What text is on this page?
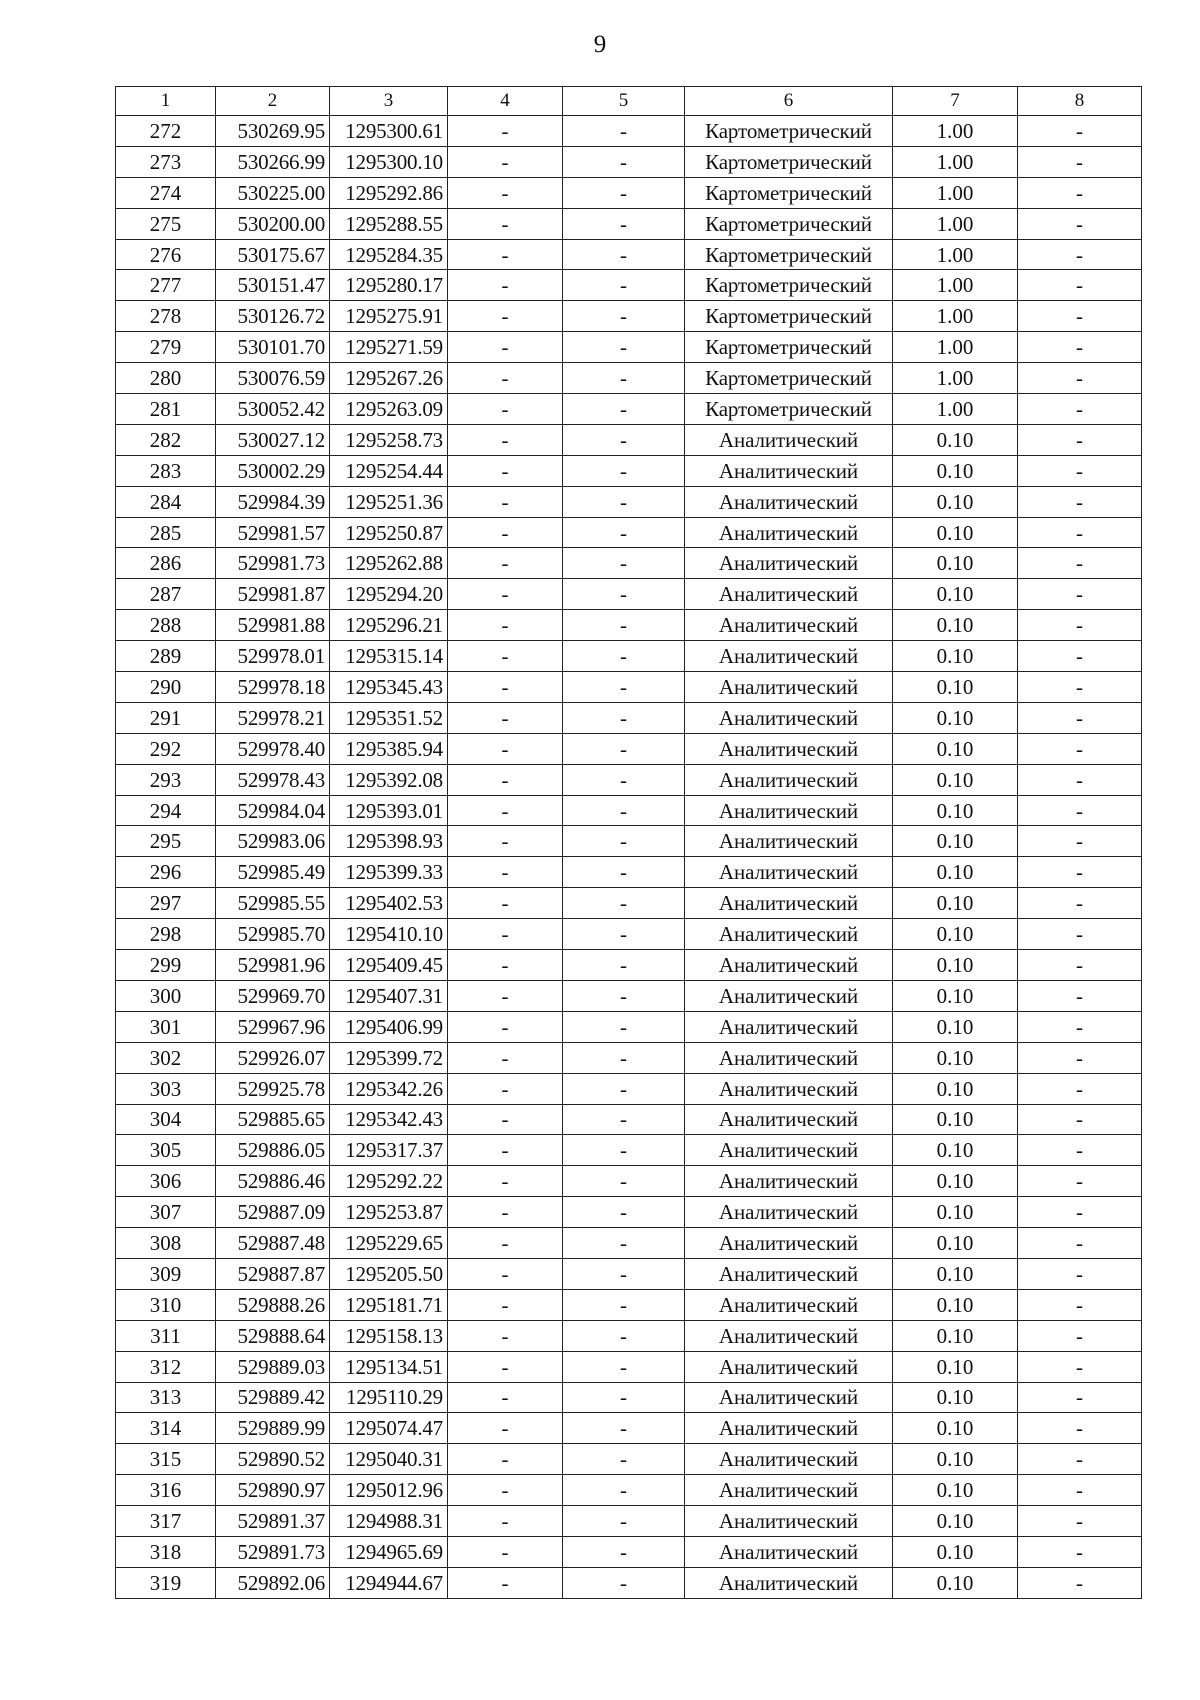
9
1	2	3	4	5	6	7	8
272	530269.95	1295300.61	-	-	Картометрический	1.00	-
273	530266.99	1295300.10	-	-	Картометрический	1.00	-
274	530225.00	1295292.86	-	-	Картометрический	1.00	-
275	530200.00	1295288.55	-	-	Картометрический	1.00	-
276	530175.67	1295284.35	-	-	Картометрический	1.00	-
277	530151.47	1295280.17	-	-	Картометрический	1.00	-
278	530126.72	1295275.91	-	-	Картометрический	1.00	-
279	530101.70	1295271.59	-	-	Картометрический	1.00	-
280	530076.59	1295267.26	-	-	Картометрический	1.00	-
281	530052.42	1295263.09	-	-	Картометрический	1.00	-
282	530027.12	1295258.73	-	-	Аналитический	0.10	-
283	530002.29	1295254.44	-	-	Аналитический	0.10	-
284	529984.39	1295251.36	-	-	Аналитический	0.10	-
285	529981.57	1295250.87	-	-	Аналитический	0.10	-
286	529981.73	1295262.88	-	-	Аналитический	0.10	-
287	529981.87	1295294.20	-	-	Аналитический	0.10	-
288	529981.88	1295296.21	-	-	Аналитический	0.10	-
289	529978.01	1295315.14	-	-	Аналитический	0.10	-
290	529978.18	1295345.43	-	-	Аналитический	0.10	-
291	529978.21	1295351.52	-	-	Аналитический	0.10	-
292	529978.40	1295385.94	-	-	Аналитический	0.10	-
293	529978.43	1295392.08	-	-	Аналитический	0.10	-
294	529984.04	1295393.01	-	-	Аналитический	0.10	-
295	529983.06	1295398.93	-	-	Аналитический	0.10	-
296	529985.49	1295399.33	-	-	Аналитический	0.10	-
297	529985.55	1295402.53	-	-	Аналитический	0.10	-
298	529985.70	1295410.10	-	-	Аналитический	0.10	-
299	529981.96	1295409.45	-	-	Аналитический	0.10	-
300	529969.70	1295407.31	-	-	Аналитический	0.10	-
301	529967.96	1295406.99	-	-	Аналитический	0.10	-
302	529926.07	1295399.72	-	-	Аналитический	0.10	-
303	529925.78	1295342.26	-	-	Аналитический	0.10	-
304	529885.65	1295342.43	-	-	Аналитический	0.10	-
305	529886.05	1295317.37	-	-	Аналитический	0.10	-
306	529886.46	1295292.22	-	-	Аналитический	0.10	-
307	529887.09	1295253.87	-	-	Аналитический	0.10	-
308	529887.48	1295229.65	-	-	Аналитический	0.10	-
309	529887.87	1295205.50	-	-	Аналитический	0.10	-
310	529888.26	1295181.71	-	-	Аналитический	0.10	-
311	529888.64	1295158.13	-	-	Аналитический	0.10	-
312	529889.03	1295134.51	-	-	Аналитический	0.10	-
313	529889.42	1295110.29	-	-	Аналитический	0.10	-
314	529889.99	1295074.47	-	-	Аналитический	0.10	-
315	529890.52	1295040.31	-	-	Аналитический	0.10	-
316	529890.97	1295012.96	-	-	Аналитический	0.10	-
317	529891.37	1294988.31	-	-	Аналитический	0.10	-
318	529891.73	1294965.69	-	-	Аналитический	0.10	-
319	529892.06	1294944.67	-	-	Аналитический	0.10	-
